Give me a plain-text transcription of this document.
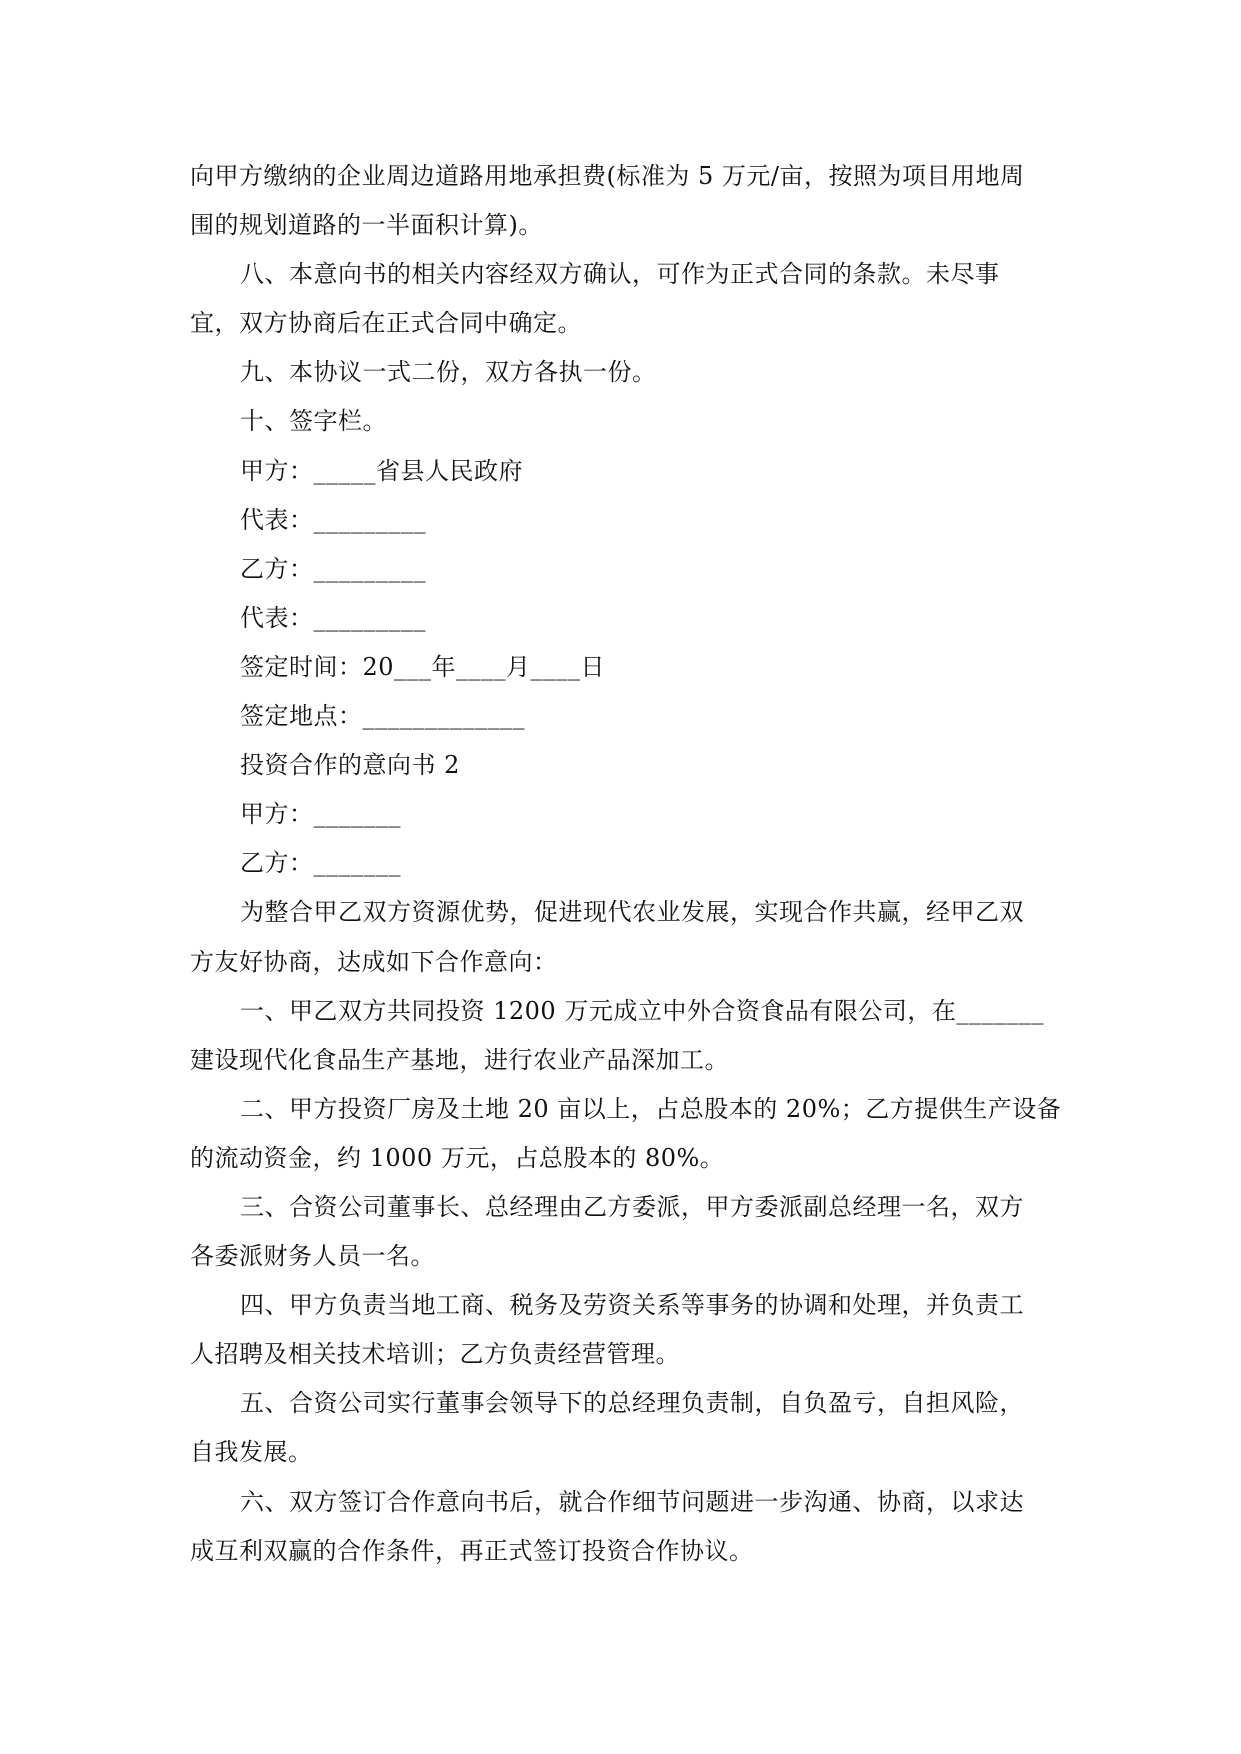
向甲方缴纳的企业周边道路用地承担费(标准为 5 万元/亩，按照为项目用地周
围的规划道路的一半面积计算)。
八、本意向书的相关内容经双方确认，可作为正式合同的条款。未尽事
宜，双方协商后在正式合同中确定。
九、本协议一式二份，双方各执一份。
十、签字栏。
甲方：_____省县人民政府
代表：_________
乙方：_________
代表：_________
签定时间：20___年____月____日
签定地点：_____________
投资合作的意向书 2
甲方：_______
乙方：_______
为整合甲乙双方资源优势，促进现代农业发展，实现合作共赢，经甲乙双
方友好协商，达成如下合作意向：
一、甲乙双方共同投资 1200 万元成立中外合资食品有限公司，在_______
建设现代化食品生产基地，进行农业产品深加工。
二、甲方投资厂房及土地 20 亩以上，占总股本的 20%；乙方提供生产设备
的流动资金，约 1000 万元，占总股本的 80%。
三、合资公司董事长、总经理由乙方委派，甲方委派副总经理一名，双方
各委派财务人员一名。
四、甲方负责当地工商、税务及劳资关系等事务的协调和处理，并负责工
人招聘及相关技术培训；乙方负责经营管理。
五、合资公司实行董事会领导下的总经理负责制，自负盈亏，自担风险，
自我发展。
六、双方签订合作意向书后，就合作细节问题进一步沟通、协商，以求达
成互利双赢的合作条件，再正式签订投资合作协议。
